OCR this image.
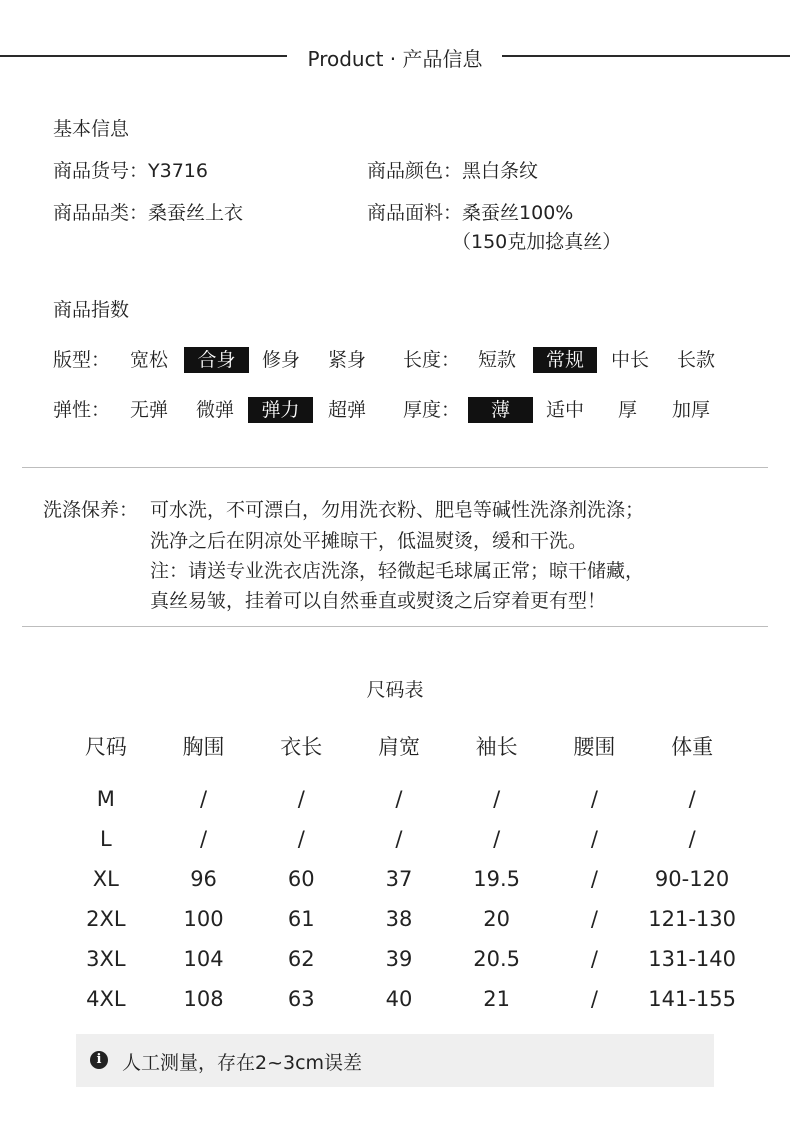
Product · 产品信息
基本信息
商品货号：Y3716	商品颜色：黑白条纹
商品品类：桑蚕丝上衣	商品面料：桑蚕丝100%
（150克加捻真丝）
商品指数
版型： 宽松	合身	修身 紧身 长度： 短款	常规	中长 长款
弹性： 无弹 微弹	弹力	超弹 厚度：	薄	适中 厚 加厚
洗涤保养： 可水洗，不可漂白，勿用洗衣粉、肥皂等碱性洗涤剂洗涤；
洗净之后在阴凉处平摊晾干，低温熨烫，缓和干洗。
注：请送专业洗衣店洗涤，轻微起毛球属正常；晾干储藏，
真丝易皱，挂着可以自然垂直或熨烫之后穿着更有型！
尺码表
尺码	胸围	衣长	肩宽	袖长	腰围	体重
M	/	/	/	/	/	/
L	/	/	/	/	/	/
XL	96	60	37	19.5	/	90-120
2XL	100	61	38	20	/	121-130
3XL	104	62	39	20.5	/	131-140
4XL	108	63	40	21	/	141-155
i	人工测量，存在2~3cm误差
